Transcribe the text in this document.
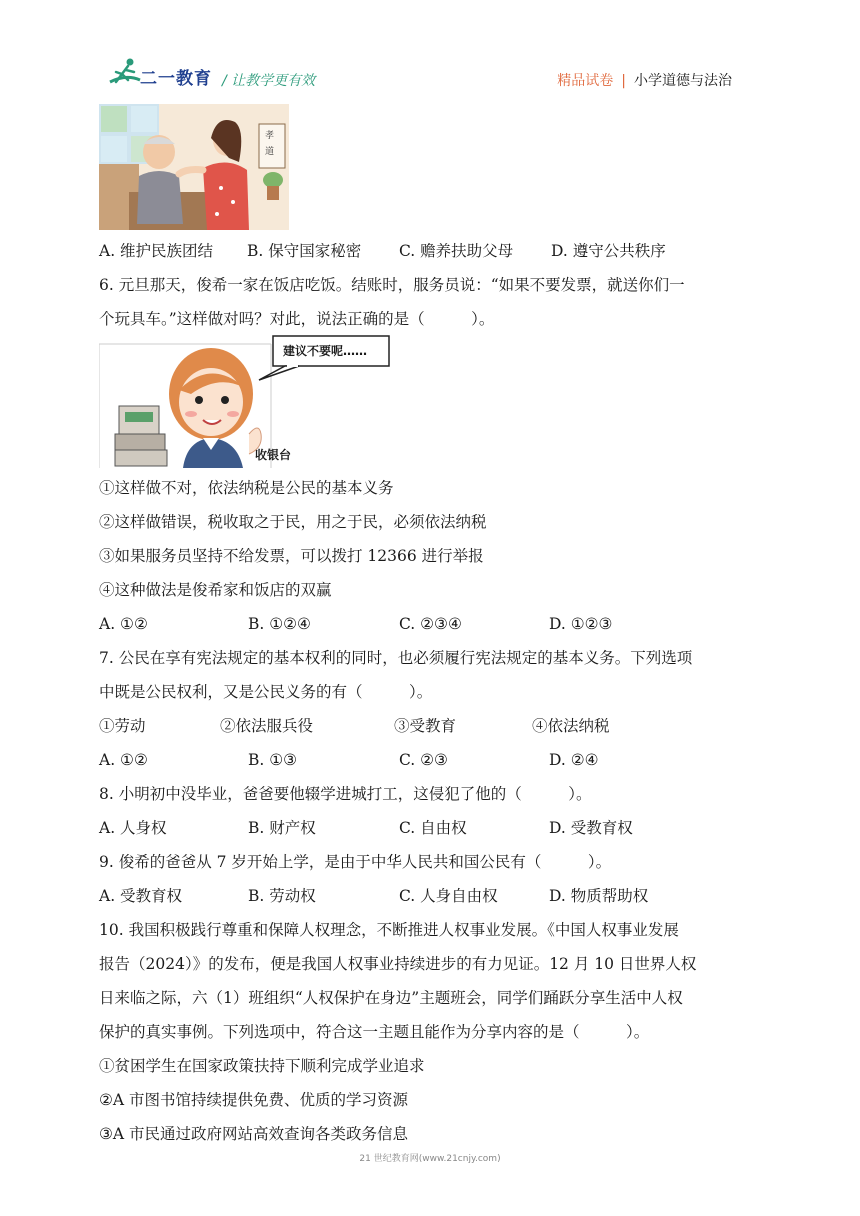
二一教育 / 让教学更有效	精品试卷 | 小学道德与法治
孝
道
A. 维护民族团结 B. 保守国家秘密 C. 赡养扶助父母 D. 遵守公共秩序
6. 元旦那天，俊希一家在饭店吃饭。结账时，服务员说：“如果不要发票，就送你们一
个玩具车。”这样做对吗？对此，说法正确的是（　　　）。
建议不要呢……
收银台
①这样做不对，依法纳税是公民的基本义务
②这样做错误，税收取之于民，用之于民，必须依法纳税
③如果服务员坚持不给发票，可以拨打 12366 进行举报
④这种做法是俊希家和饭店的双赢
A. ①②	B. ①②④	C. ②③④	D. ①②③
7. 公民在享有宪法规定的基本权利的同时，也必须履行宪法规定的基本义务。下列选项
中既是公民权利，又是公民义务的有（　　　）。
①劳动	②依法服兵役	③受教育	④依法纳税
A. ①②	B. ①③	C. ②③	D. ②④
8. 小明初中没毕业，爸爸要他辍学进城打工，这侵犯了他的（　　　）。
A. 人身权	B. 财产权	C. 自由权	D. 受教育权
9. 俊希的爸爸从 7 岁开始上学，是由于中华人民共和国公民有（　　　）。
A. 受教育权	B. 劳动权	C. 人身自由权	D. 物质帮助权
10. 我国积极践行尊重和保障人权理念，不断推进人权事业发展。《中国人权事业发展
报告（2024）》的发布，便是我国人权事业持续进步的有力见证。12 月 10 日世界人权
日来临之际，六（1）班组织“人权保护在身边”主题班会，同学们踊跃分享生活中人权
保护的真实事例。下列选项中，符合这一主题且能作为分享内容的是（　　　）。
①贫困学生在国家政策扶持下顺利完成学业追求
②A 市图书馆持续提供免费、优质的学习资源
③A 市民通过政府网站高效查询各类政务信息
21 世纪教育网(www.21cnjy.com)
